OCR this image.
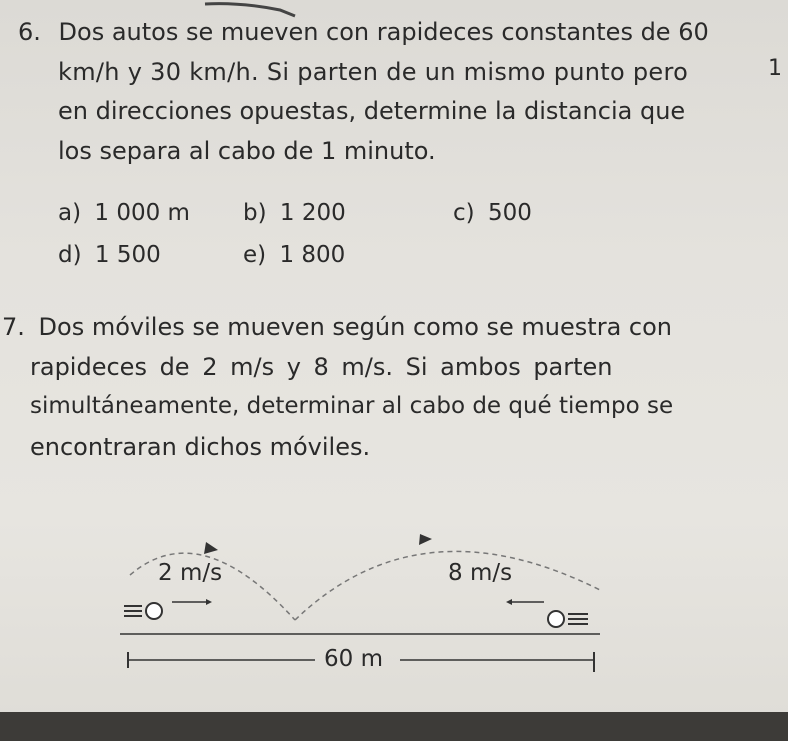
6. Dos autos se mueven con rapideces constantes de 60
km/h y 30 km/h. Si parten de un mismo punto pero
en direcciones opuestas, determine la distancia que
los separa al cabo de 1 minuto.
1
a) 1 000 m b) 1 200	c) 500
d) 1 500	e) 1 800
7. Dos móviles se mueven según como se muestra con
rapideces de 2 m/s y 8 m/s. Si ambos parten
simultáneamente, determinar al cabo de qué tiempo se
encontraran dichos móviles.
2 m/s	8 m/s
60 m
